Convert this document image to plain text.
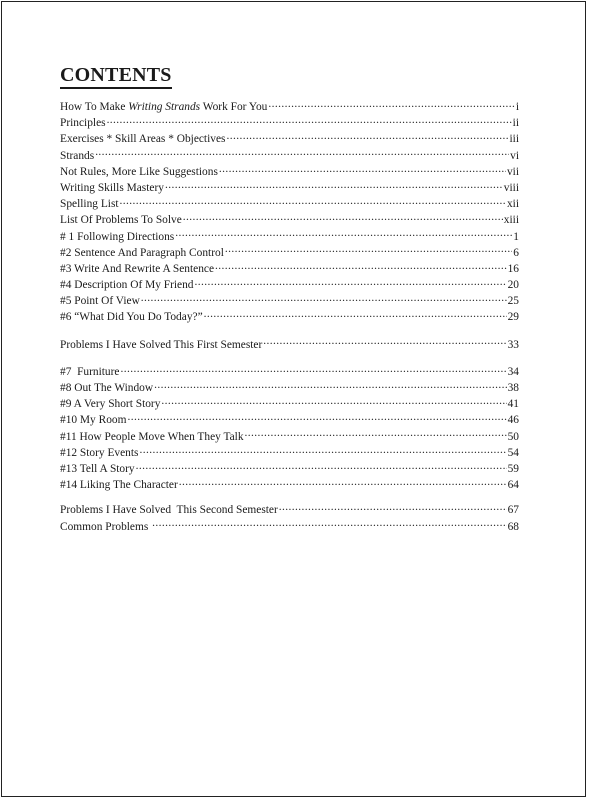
CONTENTS
How To Make Writing Strands Work For You .....	i
Principles .....	ii
Exercises * Skill Areas * Objectives .....	iii
Strands .....	vi
Not Rules, More Like Suggestions .....	vii
Writing Skills Mastery .....	viii
Spelling List .....	xii
List Of Problems To Solve .....	xiii
# 1 Following Directions .....	1
#2 Sentence And Paragraph Control .....	6
#3 Write And Rewrite A Sentence .....	16
#4 Description Of My Friend .....	20
#5 Point Of View .....	25
#6 “What Did You Do Today?” .....	29
Problems I Have Solved This First Semester .....	33
#7  Furniture .....	34
#8 Out The Window .....	38
#9 A Very Short Story .....	41
#10 My Room .....	46
#11 How People Move When They Talk .....	50
#12 Story Events .....	54
#13 Tell A Story .....	59
#14 Liking The Character .....	64
Problems I Have Solved  This Second Semester .....	67
Common Problems .....	68
